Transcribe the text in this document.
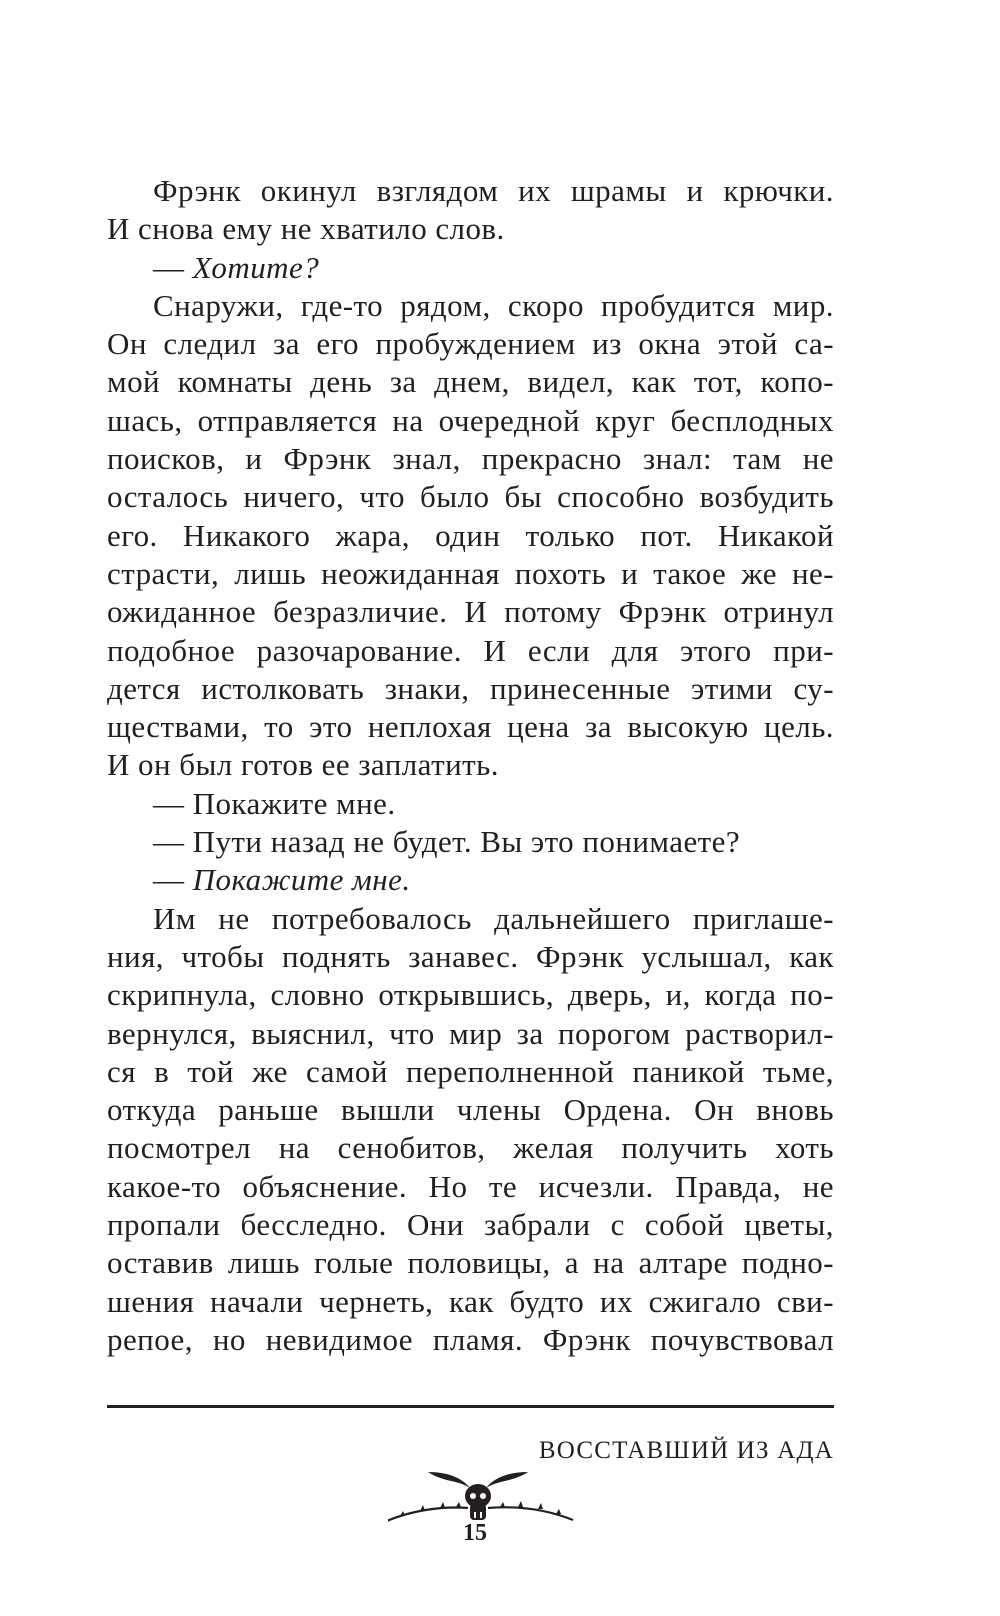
Фрэнк окинул взглядом их шрамы и крючки.
И снова ему не хватило слов.
— Хотите?
Снаружи, где-то рядом, скоро пробудится мир.
Он следил за его пробуждением из окна этой са-
мой комнаты день за днем, видел, как тот, копо-
шась, отправляется на очередной круг бесплодных
поисков, и Фрэнк знал, прекрасно знал: там не
осталось ничего, что было бы способно возбудить
его. Никакого жара, один только пот. Никакой
страсти, лишь неожиданная похоть и такое же не-
ожиданное безразличие. И потому Фрэнк отринул
подобное разочарование. И если для этого при-
дется истолковать знаки, принесенные этими су-
ществами, то это неплохая цена за высокую цель.
И он был готов ее заплатить.
— Покажите мне.
— Пути назад не будет. Вы это понимаете?
— Покажите мне.
Им не потребовалось дальнейшего приглаше-
ния, чтобы поднять занавес. Фрэнк услышал, как
скрипнула, словно открывшись, дверь, и, когда по-
вернулся, выяснил, что мир за порогом растворил-
ся в той же самой переполненной паникой тьме,
откуда раньше вышли члены Ордена. Он вновь
посмотрел на сенобитов, желая получить хоть
какое-то объяснение. Но те исчезли. Правда, не
пропали бесследно. Они забрали с собой цветы,
оставив лишь голые половицы, а на алтаре подно-
шения начали чернеть, как будто их сжигало сви-
репое, но невидимое пламя. Фрэнк почувствовал
ВОССТАВШИЙ ИЗ АДА
15
